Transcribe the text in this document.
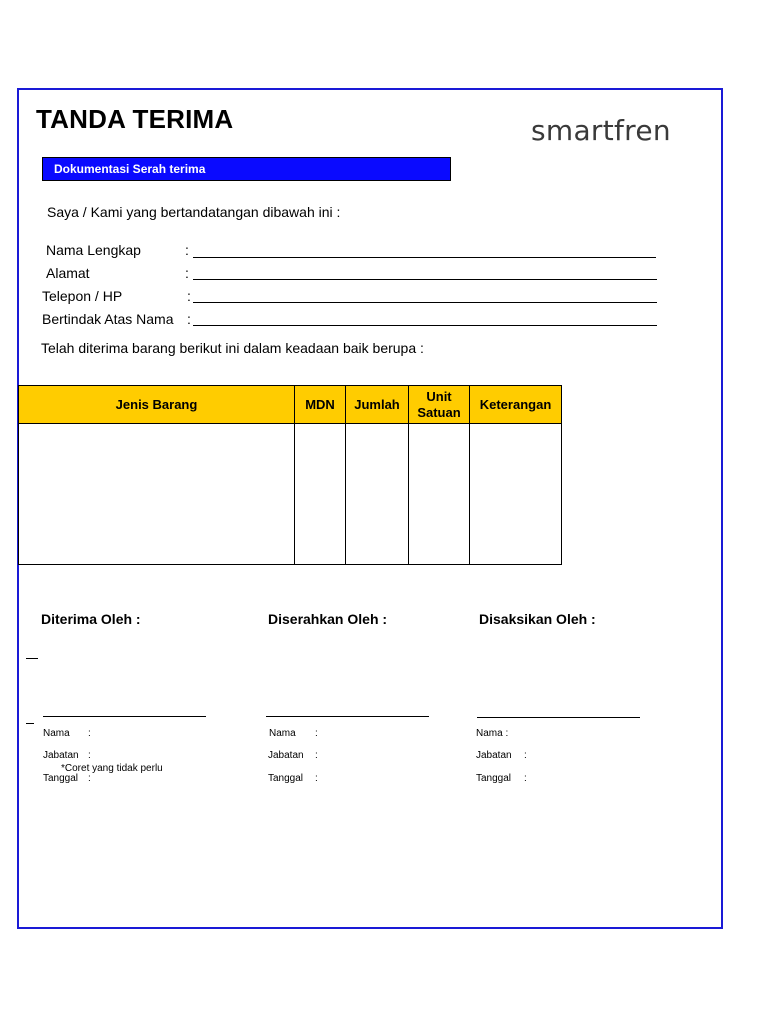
TANDA TERIMA	smartfren
Dokumentasi Serah terima
Saya / Kami yang bertandatangan dibawah ini :
Nama Lengkap	:
Alamat	:
Telepon / HP	:
Bertindak Atas Nama :
Telah diterima barang berikut ini dalam keadaan baik berupa :
Jenis Barang	MDN	Jumlah	Unit Satuan	Keterangan

Diterima Oleh :	Diserahkan Oleh :	Disaksikan Oleh :
Nama :
Jabatan :
*Coret yang tidak perlu
Tanggal :
Nama :
Jabatan :
Tanggal :
Nama :
Jabatan :
Tanggal :
